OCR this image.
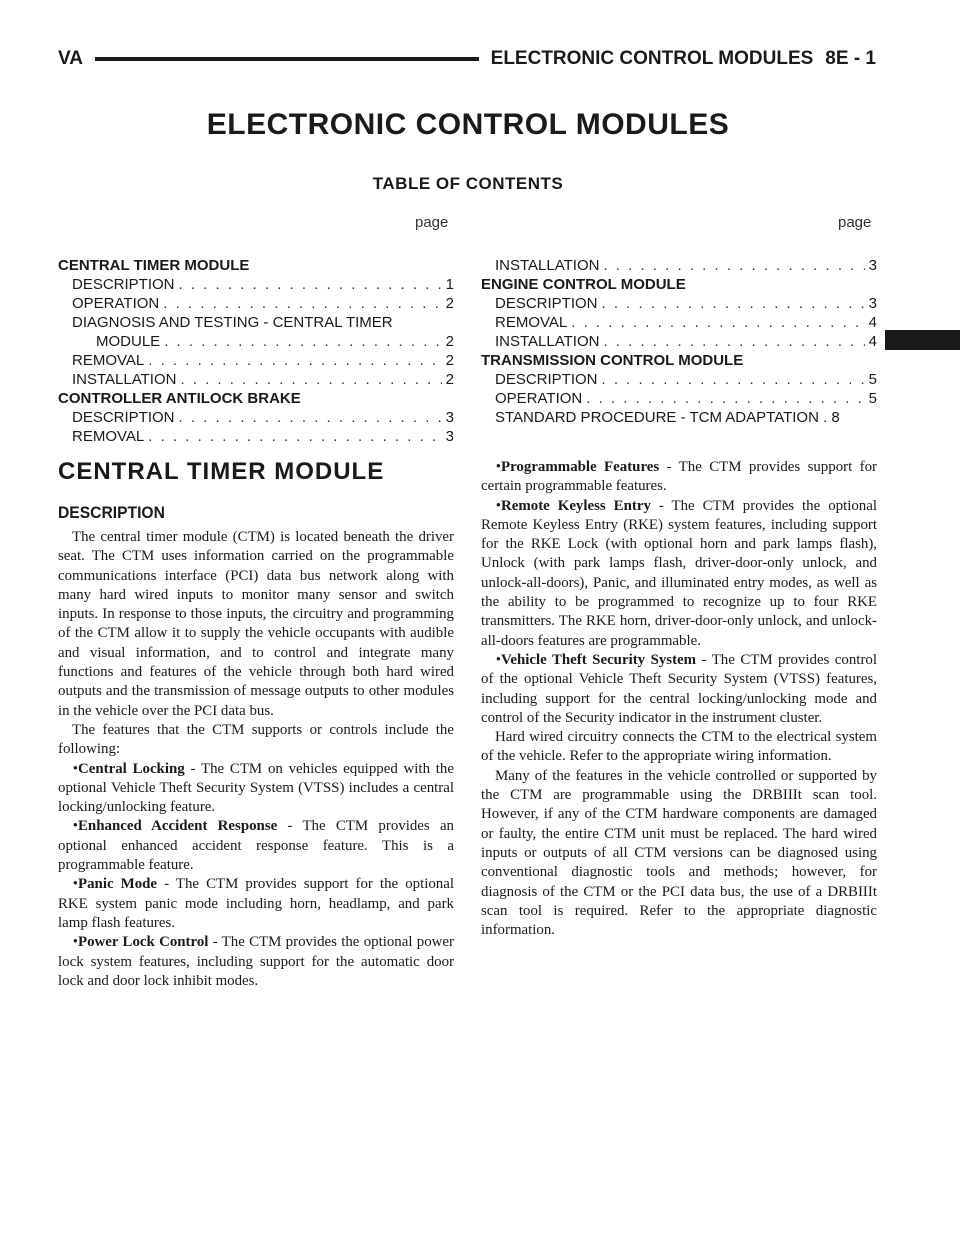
VA	ELECTRONIC CONTROL MODULES 8E - 1
ELECTRONIC CONTROL MODULES
TABLE OF CONTENTS
page	page
CENTRAL TIMER MODULE
DESCRIPTION . . .	1
OPERATION . . .	2
DIAGNOSIS AND TESTING - CENTRAL TIMER
MODULE . . .	2
REMOVAL . . .	2
INSTALLATION . . .	2
CONTROLLER ANTILOCK BRAKE
DESCRIPTION . . .	3
REMOVAL . . .	3
INSTALLATION . . .	3
ENGINE CONTROL MODULE
DESCRIPTION . . .	3
REMOVAL . . .	4
INSTALLATION . . .	4
TRANSMISSION CONTROL MODULE
DESCRIPTION . . .	5
OPERATION . . .	5
STANDARD PROCEDURE - TCM ADAPTATION . 8
CENTRAL TIMER MODULE
DESCRIPTION

The central timer module (CTM) is located beneath the driver seat. The CTM uses information carried on the programmable communications interface (PCI) data bus network along with many hard wired inputs to monitor many sensor and switch inputs. In response to those inputs, the circuitry and programming of the CTM allow it to supply the vehicle occupants with audible and visual information, and to control and integrate many functions and features of the vehicle through both hard wired outputs and the transmission of message outputs to other modules in the vehicle over the PCI data bus.

The features that the CTM supports or controls include the following:

•Central Locking - The CTM on vehicles equipped with the optional Vehicle Theft Security System (VTSS) includes a central locking/unlocking feature.

•Enhanced Accident Response - The CTM provides an optional enhanced accident response feature. This is a programmable feature.

•Panic Mode - The CTM provides support for the optional RKE system panic mode including horn, headlamp, and park lamp flash features.

•Power Lock Control - The CTM provides the optional power lock system features, including support for the automatic door lock and door lock inhibit modes.

•Programmable Features - The CTM provides support for certain programmable features.

•Remote Keyless Entry - The CTM provides the optional Remote Keyless Entry (RKE) system features, including support for the RKE Lock (with optional horn and park lamps flash), Unlock (with park lamps flash, driver-door-only unlock, and unlock-all-doors), Panic, and illuminated entry modes, as well as the ability to be programmed to recognize up to four RKE transmitters. The RKE horn, driver-door-only unlock, and unlock-all-doors features are programmable.

•Vehicle Theft Security System - The CTM provides control of the optional Vehicle Theft Security System (VTSS) features, including support for the central locking/unlocking mode and control of the Security indicator in the instrument cluster.

Hard wired circuitry connects the CTM to the electrical system of the vehicle. Refer to the appropriate wiring information.

Many of the features in the vehicle controlled or supported by the CTM are programmable using the DRBIIIt scan tool. However, if any of the CTM hardware components are damaged or faulty, the entire CTM unit must be replaced. The hard wired inputs or outputs of all CTM versions can be diagnosed using conventional diagnostic tools and methods; however, for diagnosis of the CTM or the PCI data bus, the use of a DRBIIIt scan tool is required. Refer to the appropriate diagnostic information.
